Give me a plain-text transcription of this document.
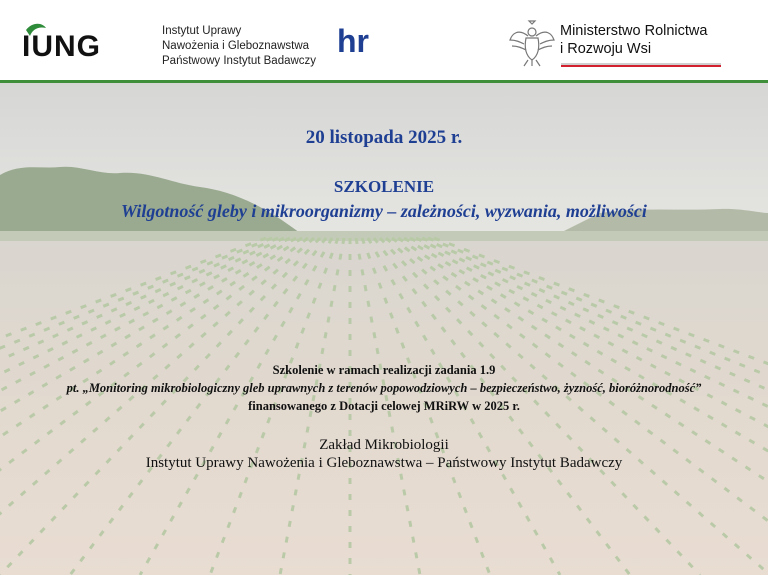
IUNG	Instytut Uprawy
Nawożenia i Gleboznawstwa
Państwowy Instytut Badawczy
hr	Ministerstwo Rolnictwa
i Rozwoju Wsi
20 listopada 2025 r.
SZKOLENIE
Wilgotność gleby i mikroorganizmy – zależności, wyzwania, możliwości
Szkolenie w ramach realizacji zadania 1.9
pt. „Monitoring mikrobiologiczny gleb uprawnych z terenów popowodziowych – bezpieczeństwo, żyzność, bioróżnorodność”
finansowanego z Dotacji celowej MRiRW w 2025 r.
Zakład Mikrobiologii
Instytut Uprawy Nawożenia i Gleboznawstwa – Państwowy Instytut Badawczy
